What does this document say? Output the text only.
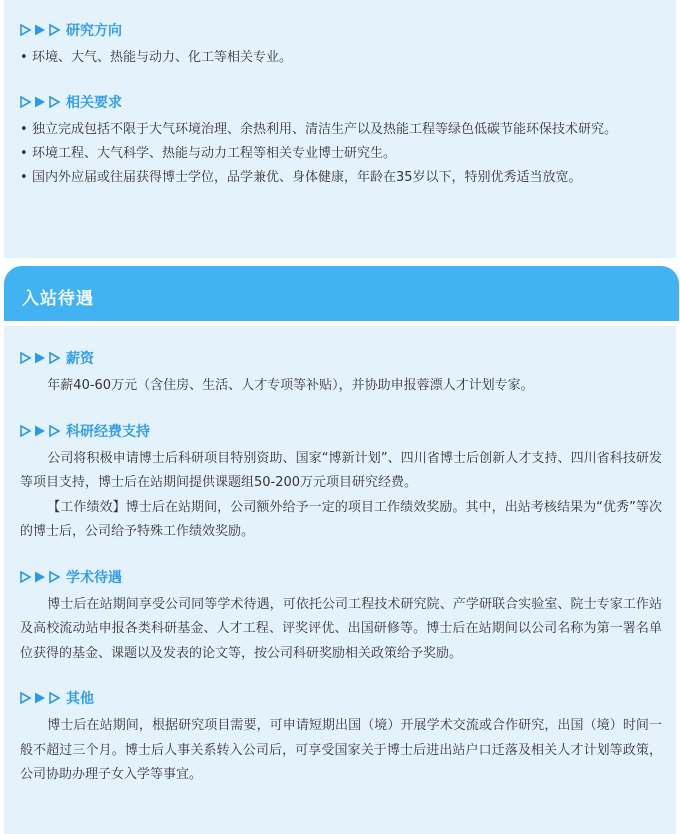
研究方向
• 环境、大气、热能与动力、化工等相关专业。
相关要求
• 独立完成包括不限于大气环境治理、余热利用、清洁生产以及热能工程等绿色低碳节能环保技术研究。
• 环境工程、大气科学、热能与动力工程等相关专业博士研究生。
• 国内外应届或往届获得博士学位，品学兼优、身体健康，年龄在35岁以下，特别优秀适当放宽。
入站待遇
薪资

年薪40-60万元（含住房、生活、人才专项等补贴），并协助申报蓉漂人才计划专家。

科研经费支持

公司将积极申请博士后科研项目特别资助、国家“博新计划”、四川省博士后创新人才支持、四川省科技研发等项目支持，博士后在站期间提供课题组50-200万元项目研究经费。

【工作绩效】博士后在站期间，公司额外给予一定的项目工作绩效奖励。其中，出站考核结果为“优秀”等次的博士后，公司给予特殊工作绩效奖励。

学术待遇

博士后在站期间享受公司同等学术待遇，可依托公司工程技术研究院、产学研联合实验室、院士专家工作站及高校流动站申报各类科研基金、人才工程、评奖评优、出国研修等。博士后在站期间以公司名称为第一署名单位获得的基金、课题以及发表的论文等，按公司科研奖励相关政策给予奖励。

其他

博士后在站期间，根据研究项目需要，可申请短期出国（境）开展学术交流或合作研究，出国（境）时间一般不超过三个月。博士后人事关系转入公司后，可享受国家关于博士后进出站户口迁落及相关人才计划等政策，公司协助办理子女入学等事宜。
